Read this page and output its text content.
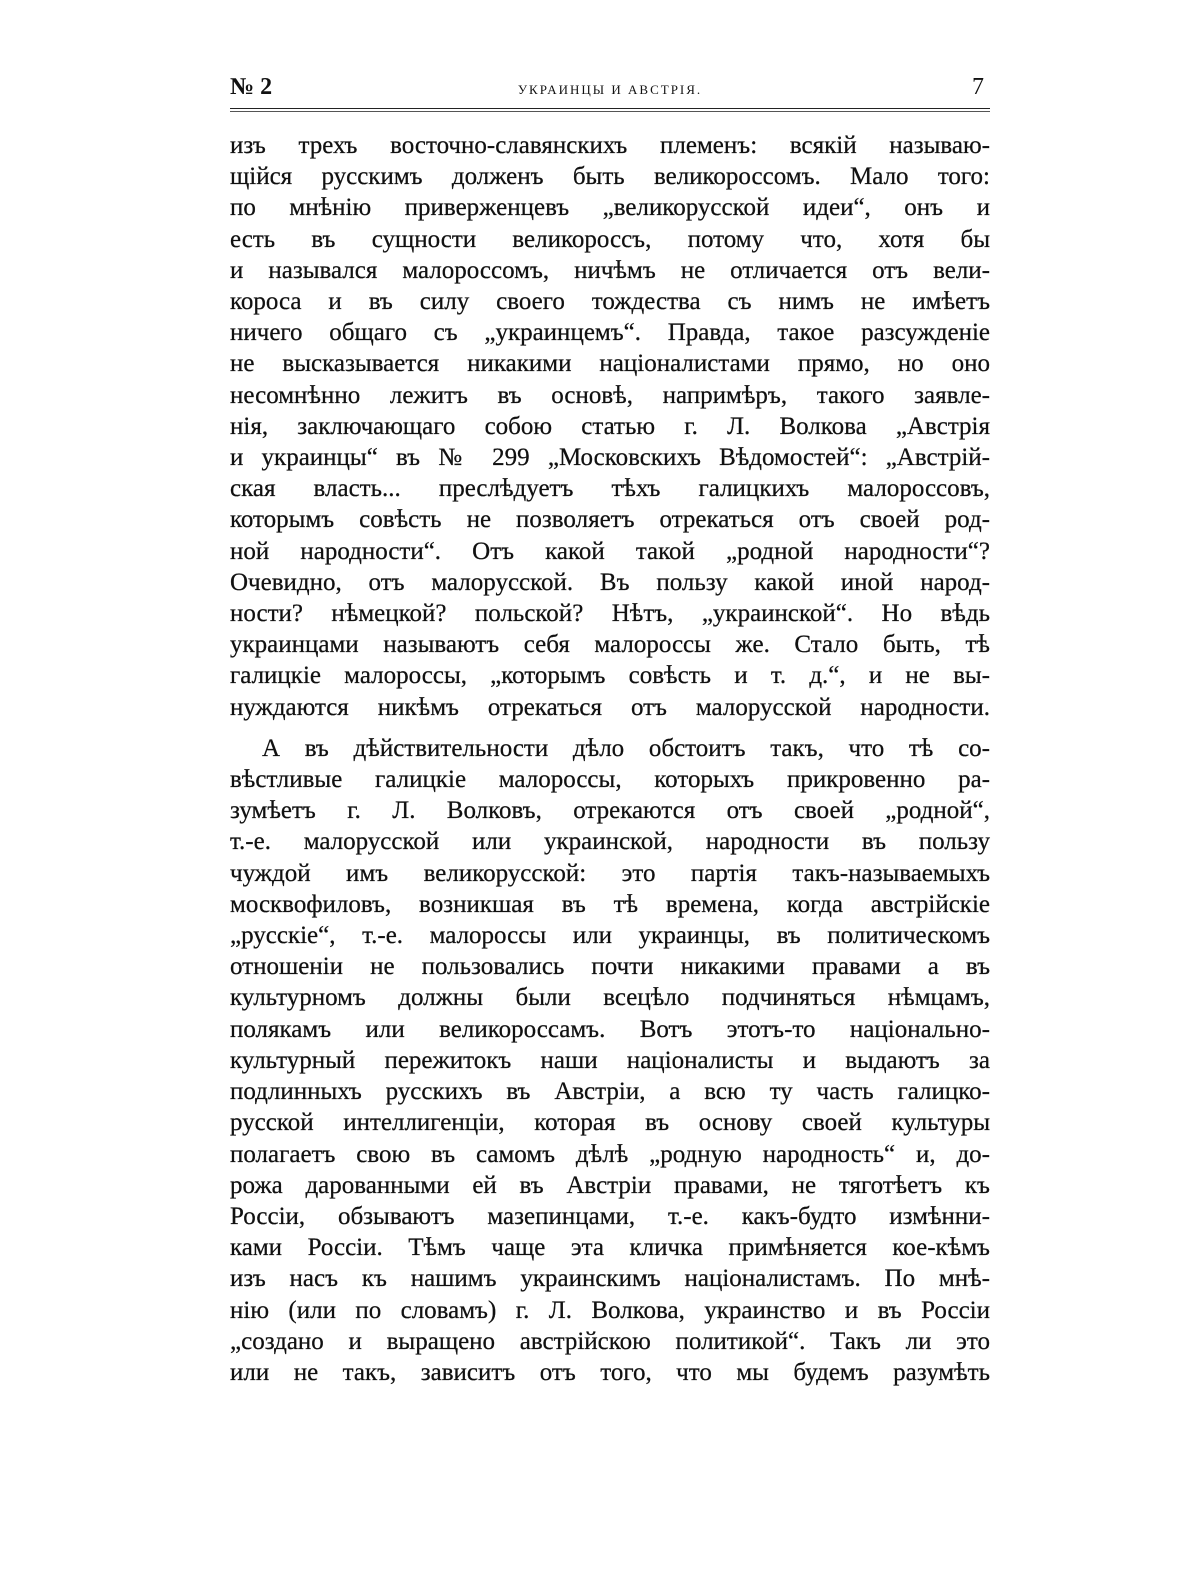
№ 2	УКРАИНЦЫ И АВСТРІЯ.	7

изъ трехъ восточно-славянскихъ племенъ: всякій называю-

щійся русскимъ долженъ быть великороссомъ. Мало того:

по мнѣнію приверженцевъ „великорусской идеи“, онъ и

есть въ сущности великороссъ, потому что, хотя бы

и назывался малороссомъ, ничѣмъ не отличается отъ вели-

короса и въ силу своего тождества съ нимъ не имѣетъ

ничего общаго съ „украинцемъ“. Правда, такое разсужденіе

не высказывается никакими націоналистами прямо, но оно

несомнѣнно лежитъ въ основѣ, напримѣръ, такого заявле-

нія, заключающаго собою статью г. Л. Волкова „Австрія

и украинцы“ въ № 299 „Московскихъ Вѣдомостей“: „Австрій-

ская власть... преслѣдуетъ тѣхъ галицкихъ малороссовъ,

которымъ совѣсть не позволяетъ отрекаться отъ своей род-

ной народности“. Отъ какой такой „родной народности“?

Очевидно, отъ малорусской. Въ пользу какой иной народ-

ности? нѣмецкой? польской? Нѣтъ, „украинской“. Но вѣдь

украинцами называютъ себя малороссы же. Стало быть, тѣ

галицкіе малороссы, „которымъ совѣсть и т. д.“, и не вы-

нуждаются никѣмъ отрекаться отъ малорусской народности.

А въ дѣйствительности дѣло обстоитъ такъ, что тѣ со-

вѣстливые галицкіе малороссы, которыхъ прикровенно ра-

зумѣетъ г. Л. Волковъ, отрекаются отъ своей „родной“,

т.-е. малорусской или украинской, народности въ пользу

чуждой имъ великорусской: это партія такъ-называемыхъ

москвофиловъ, возникшая въ тѣ времена, когда австрійскіе

„русскіе“, т.-е. малороссы или украинцы, въ политическомъ

отношеніи не пользовались почти никакими правами а въ

культурномъ должны были всецѣло подчиняться нѣмцамъ,

полякамъ или великороссамъ. Вотъ этотъ-то національно-

культурный пережитокъ наши націоналисты и выдаютъ за

подлинныхъ русскихъ въ Австріи, а всю ту часть галицко-

русской интеллигенціи, которая въ основу своей культуры

полагаетъ свою въ самомъ дѣлѣ „родную народность“ и, до-

рожа дарованными ей въ Австріи правами, не тяготѣетъ къ

Россіи, обзываютъ мазепинцами, т.-е. какъ-будто измѣнни-

ками Россіи. Тѣмъ чаще эта кличка примѣняется кое-кѣмъ

изъ насъ къ нашимъ украинскимъ націоналистамъ. По мнѣ-

нію (или по словамъ) г. Л. Волкова, украинство и въ Россіи

„создано и выращено австрійскою политикой“. Такъ ли это

или не такъ, зависитъ отъ того, что мы будемъ разумѣть
